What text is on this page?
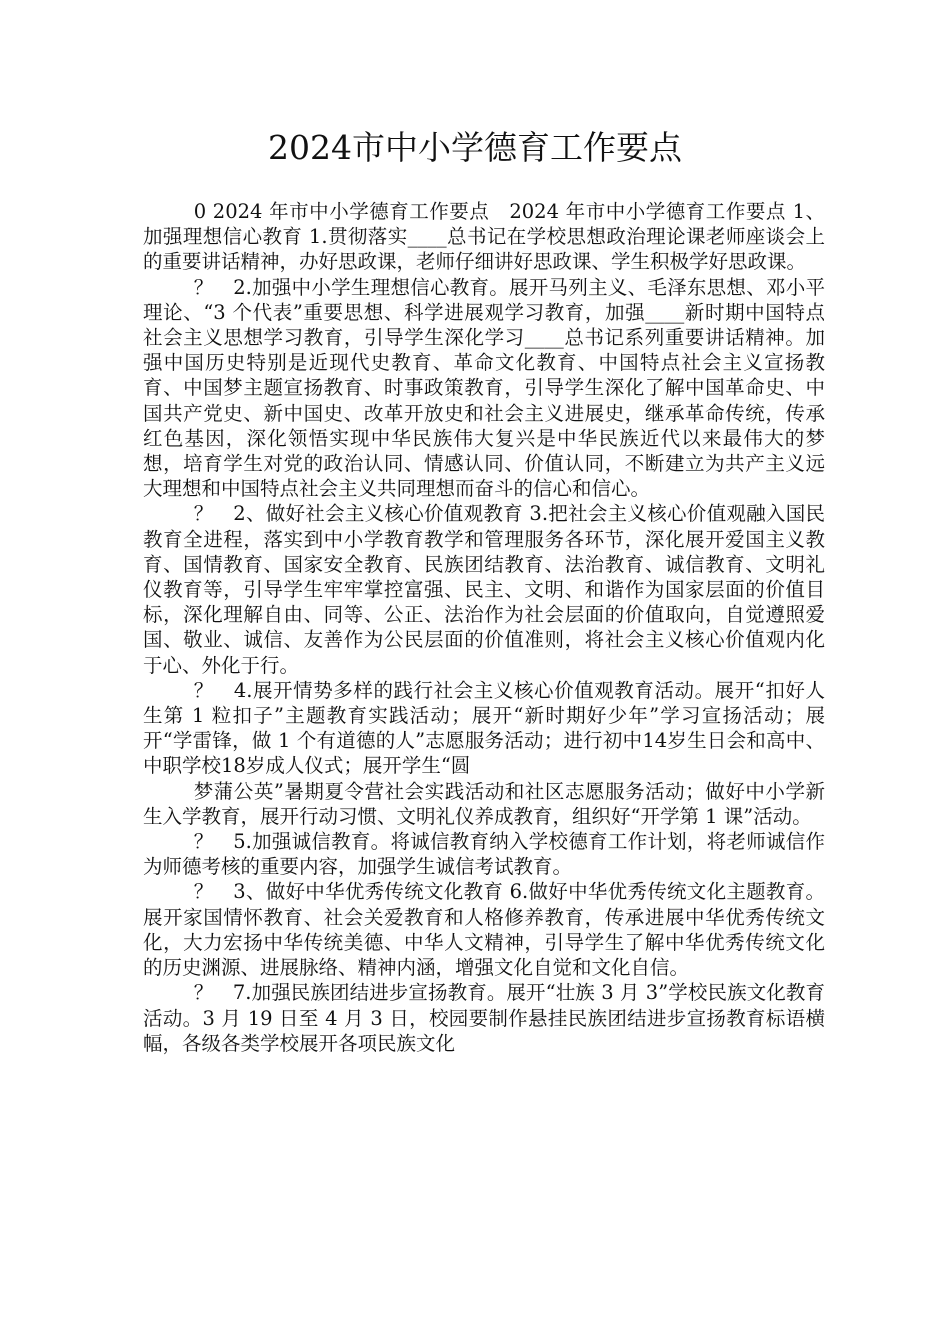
2024市中小学德育工作要点

0 2024 年市中小学德育工作要点　2024 年市中小学德育工作要点 1、加强理想信心教育 1.贯彻落实____总书记在学校思想政治理论课老师座谈会上的重要讲话精神，办好思政课，老师仔细讲好思政课、学生积极学好思政课。

？　2.加强中小学生理想信心教育。展开马列主义、毛泽东思想、邓小平理论、“3 个代表”重要思想、科学进展观学习教育，加强____新时期中国特点社会主义思想学习教育，引导学生深化学习____总书记系列重要讲话精神。加强中国历史特别是近现代史教育、革命文化教育、中国特点社会主义宣扬教育、中国梦主题宣扬教育、时事政策教育，引导学生深化了解中国革命史、中国共产党史、新中国史、改革开放史和社会主义进展史，继承革命传统，传承红色基因，深化领悟实现中华民族伟大复兴是中华民族近代以来最伟大的梦想，培育学生对党的政治认同、情感认同、价值认同，不断建立为共产主义远大理想和中国特点社会主义共同理想而奋斗的信心和信心。

？　2、做好社会主义核心价值观教育 3.把社会主义核心价值观融入国民教育全进程，落实到中小学教育教学和管理服务各环节，深化展开爱国主义教育、国情教育、国家安全教育、民族团结教育、法治教育、诚信教育、文明礼仪教育等，引导学生牢牢掌控富强、民主、文明、和谐作为国家层面的价值目标，深化理解自由、同等、公正、法治作为社会层面的价值取向，自觉遵照爱国、敬业、诚信、友善作为公民层面的价值准则，将社会主义核心价值观内化于心、外化于行。

？　4.展开情势多样的践行社会主义核心价值观教育活动。展开“扣好人生第 1 粒扣子”主题教育实践活动；展开“新时期好少年”学习宣扬活动；展开“学雷锋，做 1 个有道德的人”志愿服务活动；进行初中14岁生日会和高中、中职学校18岁成人仪式；展开学生“圆

梦蒲公英”暑期夏令营社会实践活动和社区志愿服务活动；做好中小学新生入学教育，展开行动习惯、文明礼仪养成教育，组织好“开学第 1 课”活动。

？　5.加强诚信教育。将诚信教育纳入学校德育工作计划，将老师诚信作为师德考核的重要内容，加强学生诚信考试教育。

？　3、做好中华优秀传统文化教育 6.做好中华优秀传统文化主题教育。展开家国情怀教育、社会关爱教育和人格修养教育，传承进展中华优秀传统文化，大力宏扬中华传统美德、中华人文精神，引导学生了解中华优秀传统文化的历史渊源、进展脉络、精神内涵，增强文化自觉和文化自信。

？　7.加强民族团结进步宣扬教育。展开“壮族 3 月 3”学校民族文化教育活动。3 月 19 日至 4 月 3 日，校园要制作悬挂民族团结进步宣扬教育标语横幅，各级各类学校展开各项民族文化
